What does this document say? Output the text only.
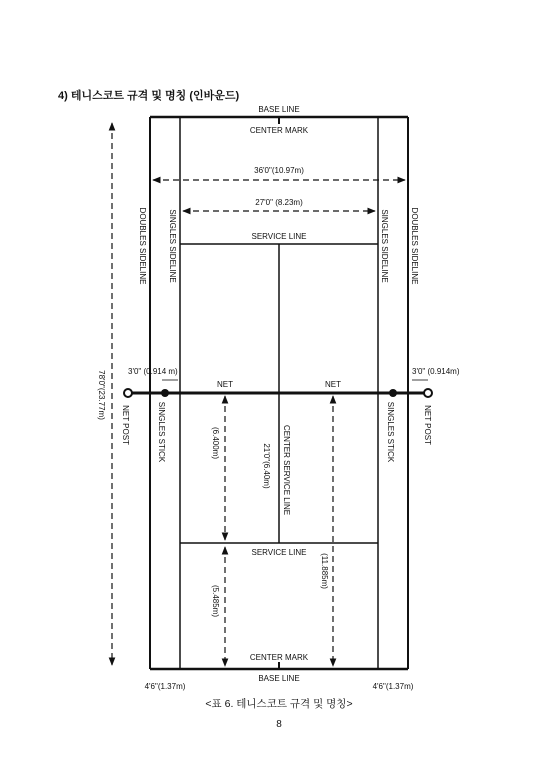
4) 테니스코트 규격 및 명칭 (인바운드)
BASE LINE
CENTER MARK
36'0"(10.97m)
27'0" (8.23m)
SERVICE LINE
3'0" (0.914 m)	3'0" (0.914m)
NET	NET
SERVICE LINE
CENTER MARK
BASE LINE
4'6"(1.37m)	4'6"(1.37m)
DOUBLES SIDELINE	SINGLES SIDELINE	SINGLES SIDELINE	DOUBLES SIDELINE
78'0"(23.77m)
NET POST	NET POST
SINGLES STICK	SINGLES STICK
(6.400m)	CENTER SERVICE LINE
21'0"(6.40m)
(11.885m)
(5.485m)
<표 6. 테니스코트 규격 및 명칭>
8
